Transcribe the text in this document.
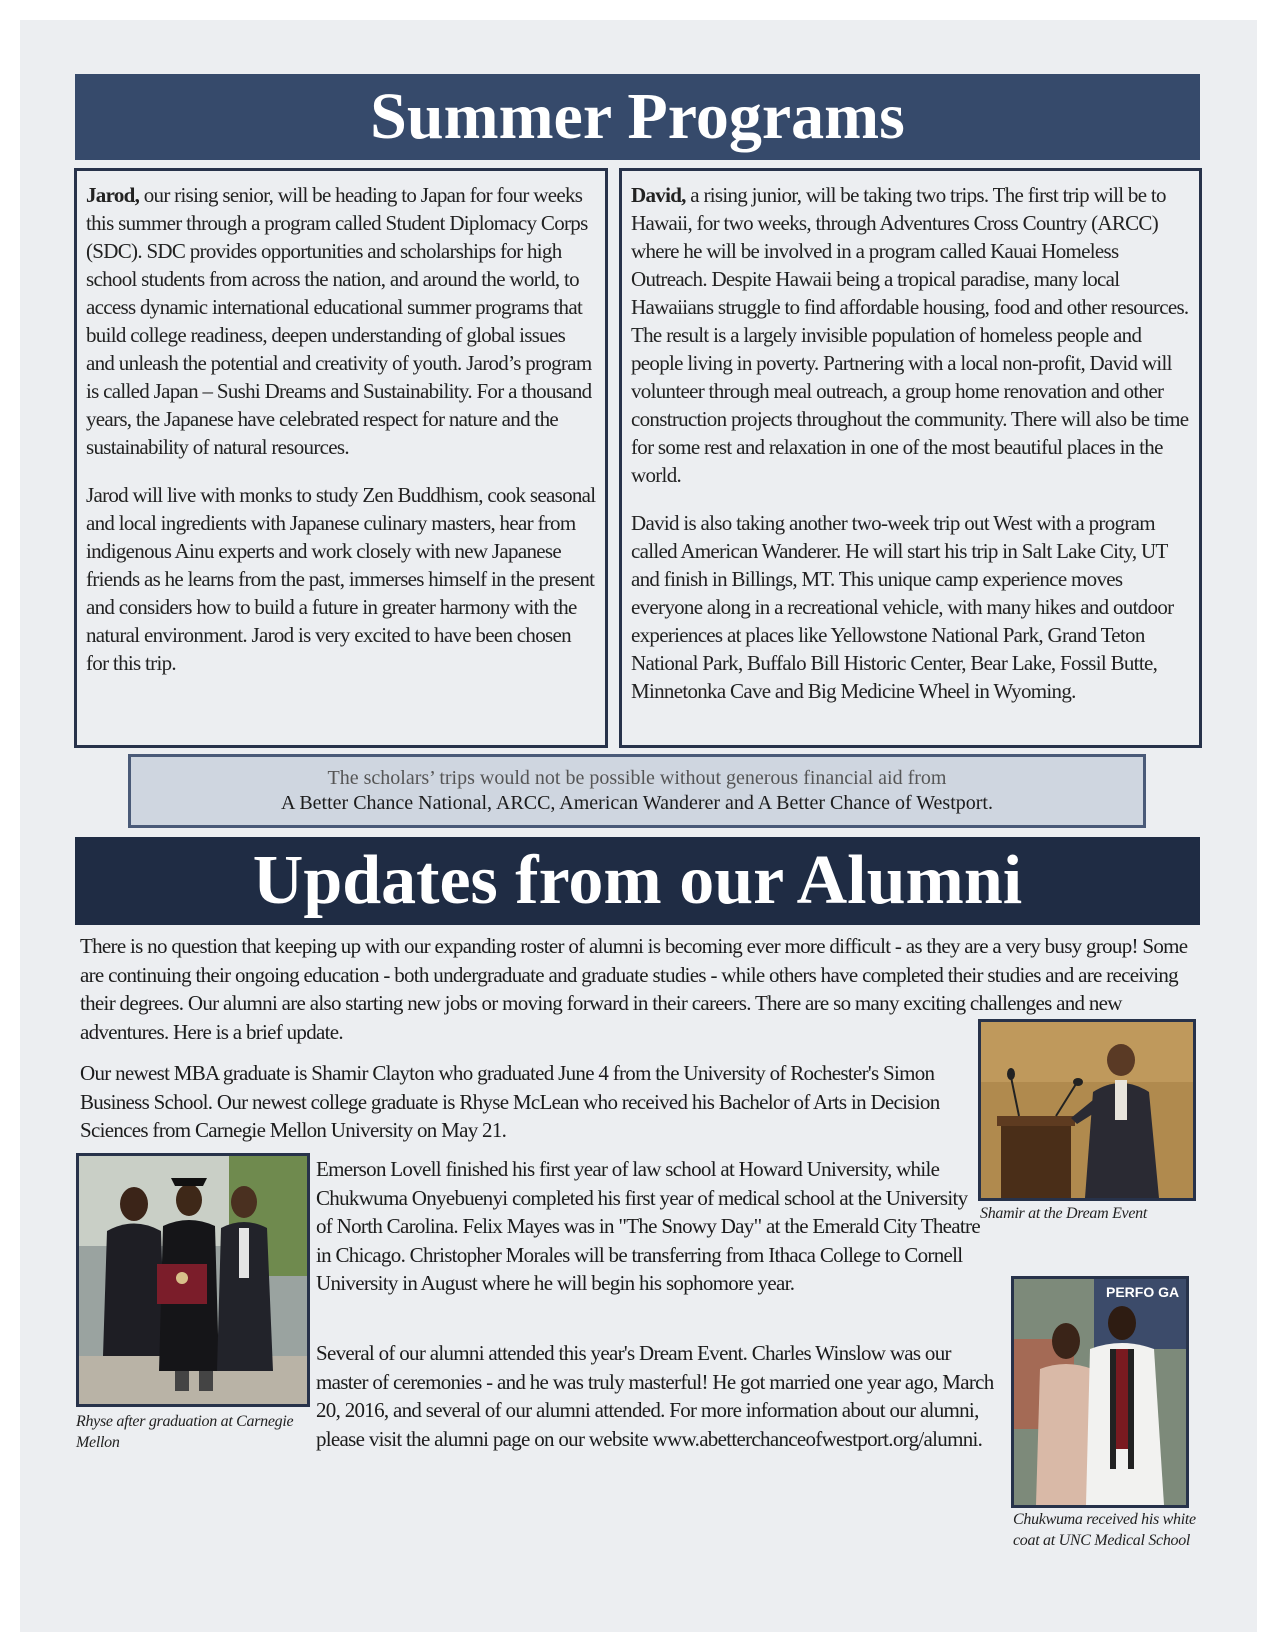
Summer Programs

Jarod, our rising senior, will be heading to Japan for four weeks this summer through a program called Student Diplomacy Corps (SDC). SDC provides opportunities and scholarships for high school students from across the nation, and around the world, to access dynamic international educational summer programs that build college readiness, deepen understanding of global issues and unleash the potential and creativity of youth. Jarod’s program is called Japan – Sushi Dreams and Sustainability. For a thousand years, the Japanese have celebrated respect for nature and the sustainability of natural resources.

Jarod will live with monks to study Zen Buddhism, cook seasonal and local ingredients with Japanese culinary masters, hear from indigenous Ainu experts and work closely with new Japanese friends as he learns from the past, immerses himself in the present and considers how to build a future in greater harmony with the natural environment. Jarod is very excited to have been chosen for this trip.

David, a rising junior, will be taking two trips. The first trip will be to Hawaii, for two weeks, through Adventures Cross Country (ARCC) where he will be involved in a program called Kauai Homeless Outreach. Despite Hawaii being a tropical paradise, many local Hawaiians struggle to find affordable housing, food and other resources. The result is a largely invisible population of homeless people and people living in poverty. Partnering with a local non-profit, David will volunteer through meal outreach, a group home renovation and other construction projects throughout the community. There will also be time for some rest and relaxation in one of the most beautiful places in the world.

David is also taking another two-week trip out West with a program called American Wanderer. He will start his trip in Salt Lake City, UT and finish in Billings, MT. This unique camp experience moves everyone along in a recreational vehicle, with many hikes and outdoor experiences at places like Yellowstone National Park, Grand Teton National Park, Buffalo Bill Historic Center, Bear Lake, Fossil Butte, Minnetonka Cave and Big Medicine Wheel in Wyoming.

The scholars’ trips would not be possible without generous financial aid from
A Better Chance National, ARCC, American Wanderer and A Better Chance of Westport.
Updates from our Alumni
There is no question that keeping up with our expanding roster of alumni is becoming ever more difficult - as they are a very busy group! Some are continuing their ongoing education - both undergraduate and graduate studies - while others have completed their studies and are receiving their degrees. Our alumni are also starting new jobs or moving forward in their careers. There are so many exciting challenges and new adventures. Here is a brief update.
Our newest MBA graduate is Shamir Clayton who graduated June 4 from the University of Rochester's Simon Business School. Our newest college graduate is Rhyse McLean who received his Bachelor of Arts in Decision Sciences from Carnegie Mellon University on May 21.
Emerson Lovell finished his first year of law school at Howard University, while Chukwuma Onyebuenyi completed his first year of medical school at the University of North Carolina. Felix Mayes was in "The Snowy Day" at the Emerald City Theatre in Chicago. Christopher Morales will be transferring from Ithaca College to Cornell University in August where he will begin his sophomore year.
Several of our alumni attended this year's Dream Event. Charles Winslow was our master of ceremonies - and he was truly masterful! He got married one year ago, March 20, 2016, and several of our alumni attended. For more information about our alumni, please visit the alumni page on our website www.abetterchanceofwestport.org/alumni.
Shamir at the Dream Event
Rhyse after graduation at Carnegie Mellon
PERFO GA
Chukwuma received his white coat at UNC Medical School
